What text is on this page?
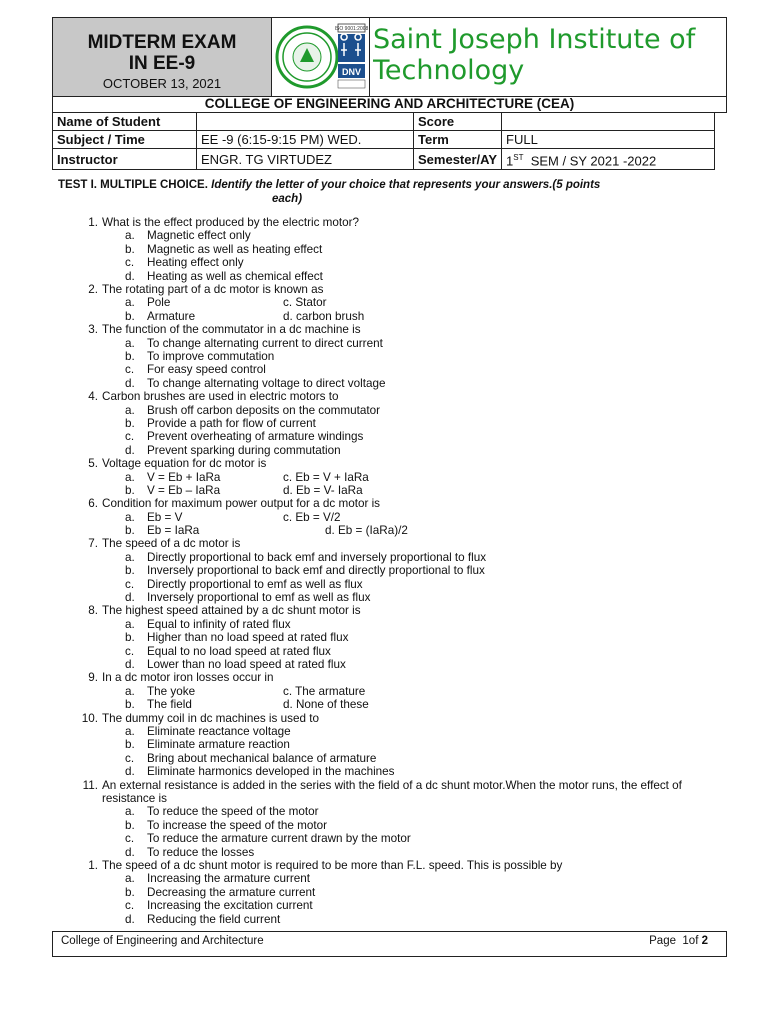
MIDTERM EXAM
IN EE-9
OCTOBER 13, 2021
ISO 9001:2008
DNV
Saint Joseph Institute of Technology
COLLEGE OF ENGINEERING AND ARCHITECTURE (CEA)
Name of Student		Score	
Subject / Time	EE -9 (6:15-9:15 PM) WED.	Term	FULL
Instructor	ENGR. TG VIRTUDEZ	Semester/AY	1ST  SEM / SY 2021 -2022
TEST I. MULTIPLE CHOICE. Identify the letter of your choice that represents your answers.(5 points
each)
1. What is the effect produced by the electric motor?
a. Magnetic effect only
b. Magnetic as well as heating effect
c. Heating effect only
d. Heating as well as chemical effect
2. The rotating part of a dc motor is known as
a. Pole	c. Stator
b. Armature	d. carbon brush
3. The function of the commutator in a dc machine is
a. To change alternating current to direct current
b. To improve commutation
c. For easy speed control
d. To change alternating voltage to direct voltage
4. Carbon brushes are used in electric motors to
a. Brush off carbon deposits on the commutator
b. Provide a path for flow of current
c. Prevent overheating of armature windings
d. Prevent sparking during commutation
5. Voltage equation for dc motor is
a. V = Eb + IaRa	c. Eb = V + IaRa
b. V = Eb – IaRa	d. Eb = V- IaRa
6. Condition for maximum power output for a dc motor is
a. Eb = V	c. Eb = V/2
b. Eb = IaRa	d. Eb = (IaRa)/2
7. The speed of a dc motor is
a. Directly proportional to back emf and inversely proportional to flux
b. Inversely proportional to back emf and directly proportional to flux
c. Directly proportional to emf as well as flux
d. Inversely proportional to emf as well as flux
8. The highest speed attained by a dc shunt motor is
a. Equal to infinity of rated flux
b. Higher than no load speed at rated flux
c. Equal to no load speed at rated flux
d. Lower than no load speed at rated flux
9. In a dc motor iron losses occur in
a. The yoke	c. The armature
b. The field	d. None of these
10. The dummy coil in dc machines is used to
a. Eliminate reactance voltage
b. Eliminate armature reaction
c. Bring about mechanical balance of armature
d. Eliminate harmonics developed in the machines
11. An external resistance is added in the series with the field of a dc shunt motor.When the motor runs, the effect of resistance is
a. To reduce the speed of the motor
b. To increase the speed of the motor
c. To reduce the armature current drawn by the motor
d. To reduce the losses
1. The speed of a dc shunt motor is required to be more than F.L. speed. This is possible by
a. Increasing the armature current
b. Decreasing the armature current
c. Increasing the excitation current
d. Reducing the field current
College of Engineering and Architecture	Page 1of 2
